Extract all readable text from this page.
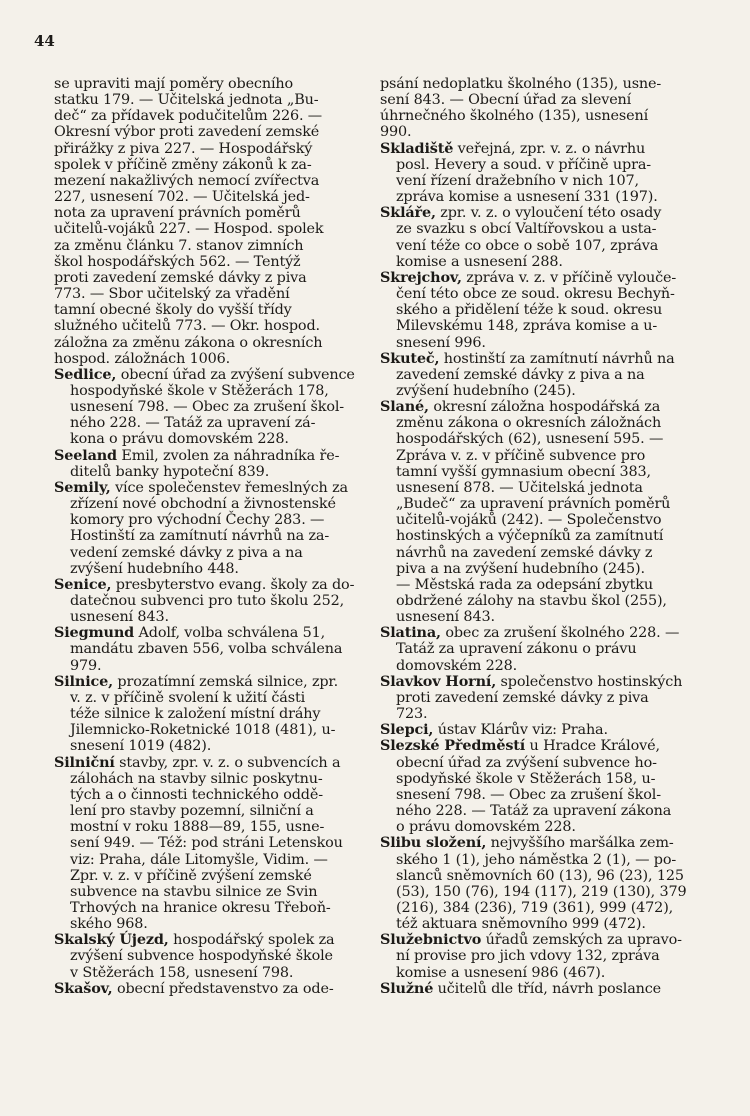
44
se upraviti mají poměry obecního
statku 179. — Učitelská jednota „Bu-
deč“ za přídavek podučitelům 226. —
Okresní výbor proti zavedení zemské
přirážky z piva 227. — Hospodářský
spolek v příčině změny zákonů k za-
mezení nakažlivých nemocí zvířectva
227, usnesení 702. — Učitelská jed-
nota za upravení právních poměrů
učitelů-vojáků 227. — Hospod. spolek
za změnu článku 7. stanov zimních
škol hospodářských 562. — Tentýž
proti zavedení zemské dávky z piva
773. — Sbor učitelský za vřadění
tamní obecné školy do vyšší třídy
služného učitelů 773. — Okr. hospod.
záložna za změnu zákona o okresních
hospod. záložnách 1006.
Sedlice, obecní úřad za zvýšení subvence
hospodyňské škole v Stěžerách 178,
usnesení 798. — Obec za zrušení škol-
ného 228. — Tatáž za upravení zá-
kona o právu domovském 228.
Seeland Emil, zvolen za náhradníka ře-
ditelů banky hypoteční 839.
Semily, více společenstev řemeslných za
zřízení nové obchodní a živnostenské
komory pro východní Čechy 283. —
Hostinští za zamítnutí návrhů na za-
vedení zemské dávky z piva a na
zvýšení hudebního 448.
Senice, presbyterstvo evang. školy za do-
datečnou subvenci pro tuto školu 252,
usnesení 843.
Siegmund Adolf, volba schválena 51,
mandátu zbaven 556, volba schválena
979.
Silnice, prozatímní zemská silnice, zpr.
v. z. v příčině svolení k užití části
téže silnice k založení místní dráhy
Jilemnicko-Roketnické 1018 (481), u-
snesení 1019 (482).
Silniční stavby, zpr. v. z. o subvencích a
zálohách na stavby silnic poskytnu-
tých a o činnosti technického oddě-
lení pro stavby pozemní, silniční a
mostní v roku 1888—89, 155, usne-
sení 949. — Též: pod stráni Letenskou
viz: Praha, dále Litomyšle, Vidim. —
Zpr. v. z. v příčině zvýšení zemské
subvence na stavbu silnice ze Svin
Trhových na hranice okresu Třeboň-
ského 968.
Skalský Újezd, hospodářský spolek za
zvýšení subvence hospodyňské škole
v Stěžerách 158, usnesení 798.
Skašov, obecní představenstvo za ode-
psání nedoplatku školného (135), usne-
sení 843. — Obecní úřad za slevení
úhrnečného školného (135), usnesení
990.
Skladiště veřejná, zpr. v. z. o návrhu
posl. Hevery a soud. v příčině upra-
vení řízení dražebního v nich 107,
zpráva komise a usnesení 331 (197).
Skláře, zpr. v. z. o vyloučení této osady
ze svazku s obcí Valtířovskou a usta-
vení téže co obce o sobě 107, zpráva
komise a usnesení 288.
Skrejchov, zpráva v. z. v příčině vylouče-
čení této obce ze soud. okresu Bechyň-
ského a přidělení téže k soud. okresu
Milevskému 148, zpráva komise a u-
snesení 996.
Skuteč, hostinští za zamítnutí návrhů na
zavedení zemské dávky z piva a na
zvýšení hudebního (245).
Slané, okresní záložna hospodářská za
změnu zákona o okresních záložnách
hospodářských (62), usnesení 595. —
Zpráva v. z. v příčině subvence pro
tamní vyšší gymnasium obecní 383,
usnesení 878. — Učitelská jednota
„Budeč“ za upravení právních poměrů
učitelů-vojáků (242). — Společenstvo
hostinských a výčepníků za zamítnutí
návrhů na zavedení zemské dávky z
piva a na zvýšení hudebního (245).
— Městská rada za odepsání zbytku
obdržené zálohy na stavbu škol (255),
usnesení 843.
Slatina, obec za zrušení školného 228. —
Tatáž za upravení zákonu o právu
domovském 228.
Slavkov Horní, společenstvo hostinských
proti zavedení zemské dávky z piva
723.
Slepci, ústav Klárův viz: Praha.
Slezské Předměstí u Hradce Králové,
obecní úřad za zvýšení subvence ho-
spodyňské škole v Stěžerách 158, u-
snesení 798. — Obec za zrušení škol-
ného 228. — Tatáž za upravení zákona
o právu domovském 228.
Slibu složení, nejvyššího maršálka zem-
ského 1 (1), jeho náměstka 2 (1), — po-
slanců sněmovních 60 (13), 96 (23), 125
(53), 150 (76), 194 (117), 219 (130), 379
(216), 384 (236), 719 (361), 999 (472),
též aktuara sněmovního 999 (472).
Služebnictvo úřadů zemských za upravo-
ní provise pro jich vdovy 132, zpráva
komise a usnesení 986 (467).
Služné učitelů dle tříd, návrh poslance
